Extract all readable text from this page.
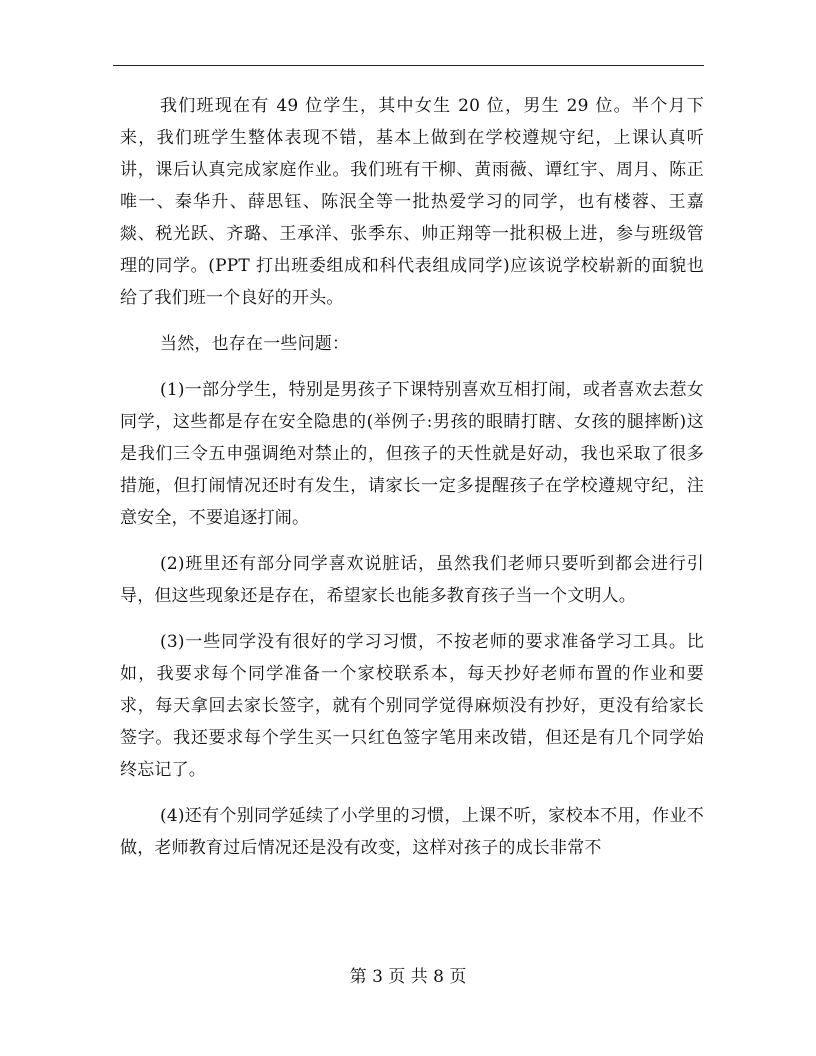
我们班现在有 49 位学生，其中女生 20 位，男生 29 位。半个月下来，我们班学生整体表现不错，基本上做到在学校遵规守纪，上课认真听讲，课后认真完成家庭作业。我们班有干柳、黄雨薇、谭红宇、周月、陈正唯一、秦华升、薛思钰、陈泯全等一批热爱学习的同学，也有楼蓉、王嘉燚、税光跃、齐璐、王承洋、张季东、帅正翔等一批积极上进，参与班级管理的同学。(PPT 打出班委组成和科代表组成同学)应该说学校崭新的面貌也给了我们班一个良好的开头。

当然，也存在一些问题：

(1)一部分学生，特别是男孩子下课特别喜欢互相打闹，或者喜欢去惹女同学，这些都是存在安全隐患的(举例子:男孩的眼睛打瞎、女孩的腿摔断)这是我们三令五申强调绝对禁止的，但孩子的天性就是好动，我也采取了很多措施，但打闹情况还时有发生，请家长一定多提醒孩子在学校遵规守纪，注意安全，不要追逐打闹。

(2)班里还有部分同学喜欢说脏话，虽然我们老师只要听到都会进行引导，但这些现象还是存在，希望家长也能多教育孩子当一个文明人。

(3)一些同学没有很好的学习习惯，不按老师的要求准备学习工具。比如，我要求每个同学准备一个家校联系本，每天抄好老师布置的作业和要求，每天拿回去家长签字，就有个别同学觉得麻烦没有抄好，更没有给家长签字。我还要求每个学生买一只红色签字笔用来改错，但还是有几个同学始终忘记了。

(4)还有个别同学延续了小学里的习惯，上课不听，家校本不用，作业不做，老师教育过后情况还是没有改变，这样对孩子的成长非常不

第 3 页 共 8 页
